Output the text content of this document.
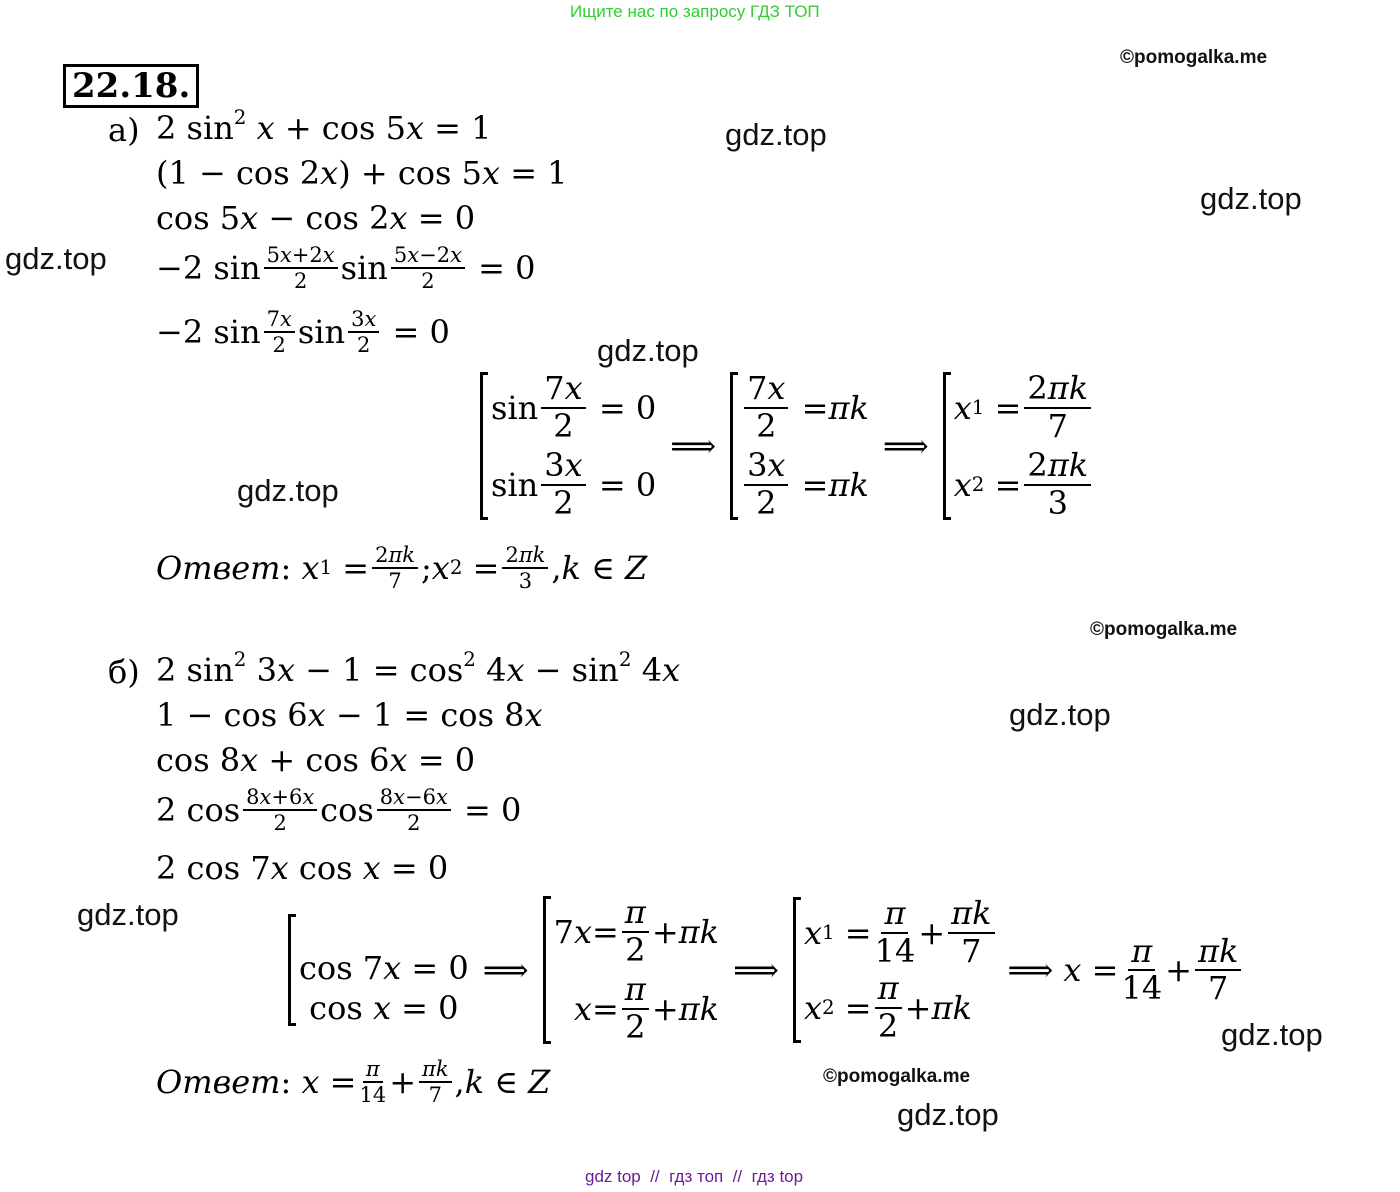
Ищите нас по запросу ГДЗ ТОП
22.18.
©pomogalka.me
©pomogalka.me
©pomogalka.me
gdz.top
gdz.top
gdz.top
gdz.top
gdz.top
gdz.top
gdz.top
gdz.top
gdz.top
а) 2 $\sin^2 x + \cos 5x = 1$
(1 − cos 2x) + cos 5x = 1
cos 5x − cos 2x = 0
−2 sin 5x+2x
2 sin 5x−2x
2 = 0
−2 sin 7x
2 sin 3x
2 = 0
sin
7x
2 = 0
sin
3x
2 = 0
⟹
7x
2 = πk
3x
2 = πk
⟹
x 1 =
2πk
7
x 2 =
2πk
3
Ответ : x 1 = 2πk
7 ; x 2 = 2πk
3 , k ∈ Z
б) 2 $\sin^2 3x - 1 = \cos^2 4x - \sin^2 4x$
1 − cos 6x − 1 = cos 8x
cos 8x + cos 6x = 0
2 cos 8x+6x
2 cos 8x−6x
2 = 0
2 cos 7x cos x = 0
cos 7x = 0
cos x = 0
⟹
7 x =
π
2 + πk

x =
π
2 + πk
⟹
x 1 =
π
14 +
πk
7
x 2 =
π
2 + πk
⟹ x =
π
14 +
πk
7
Ответ : x = π
14 + πk
7 , k ∈ Z
gdz top  //  гдз топ  //  гдз top
